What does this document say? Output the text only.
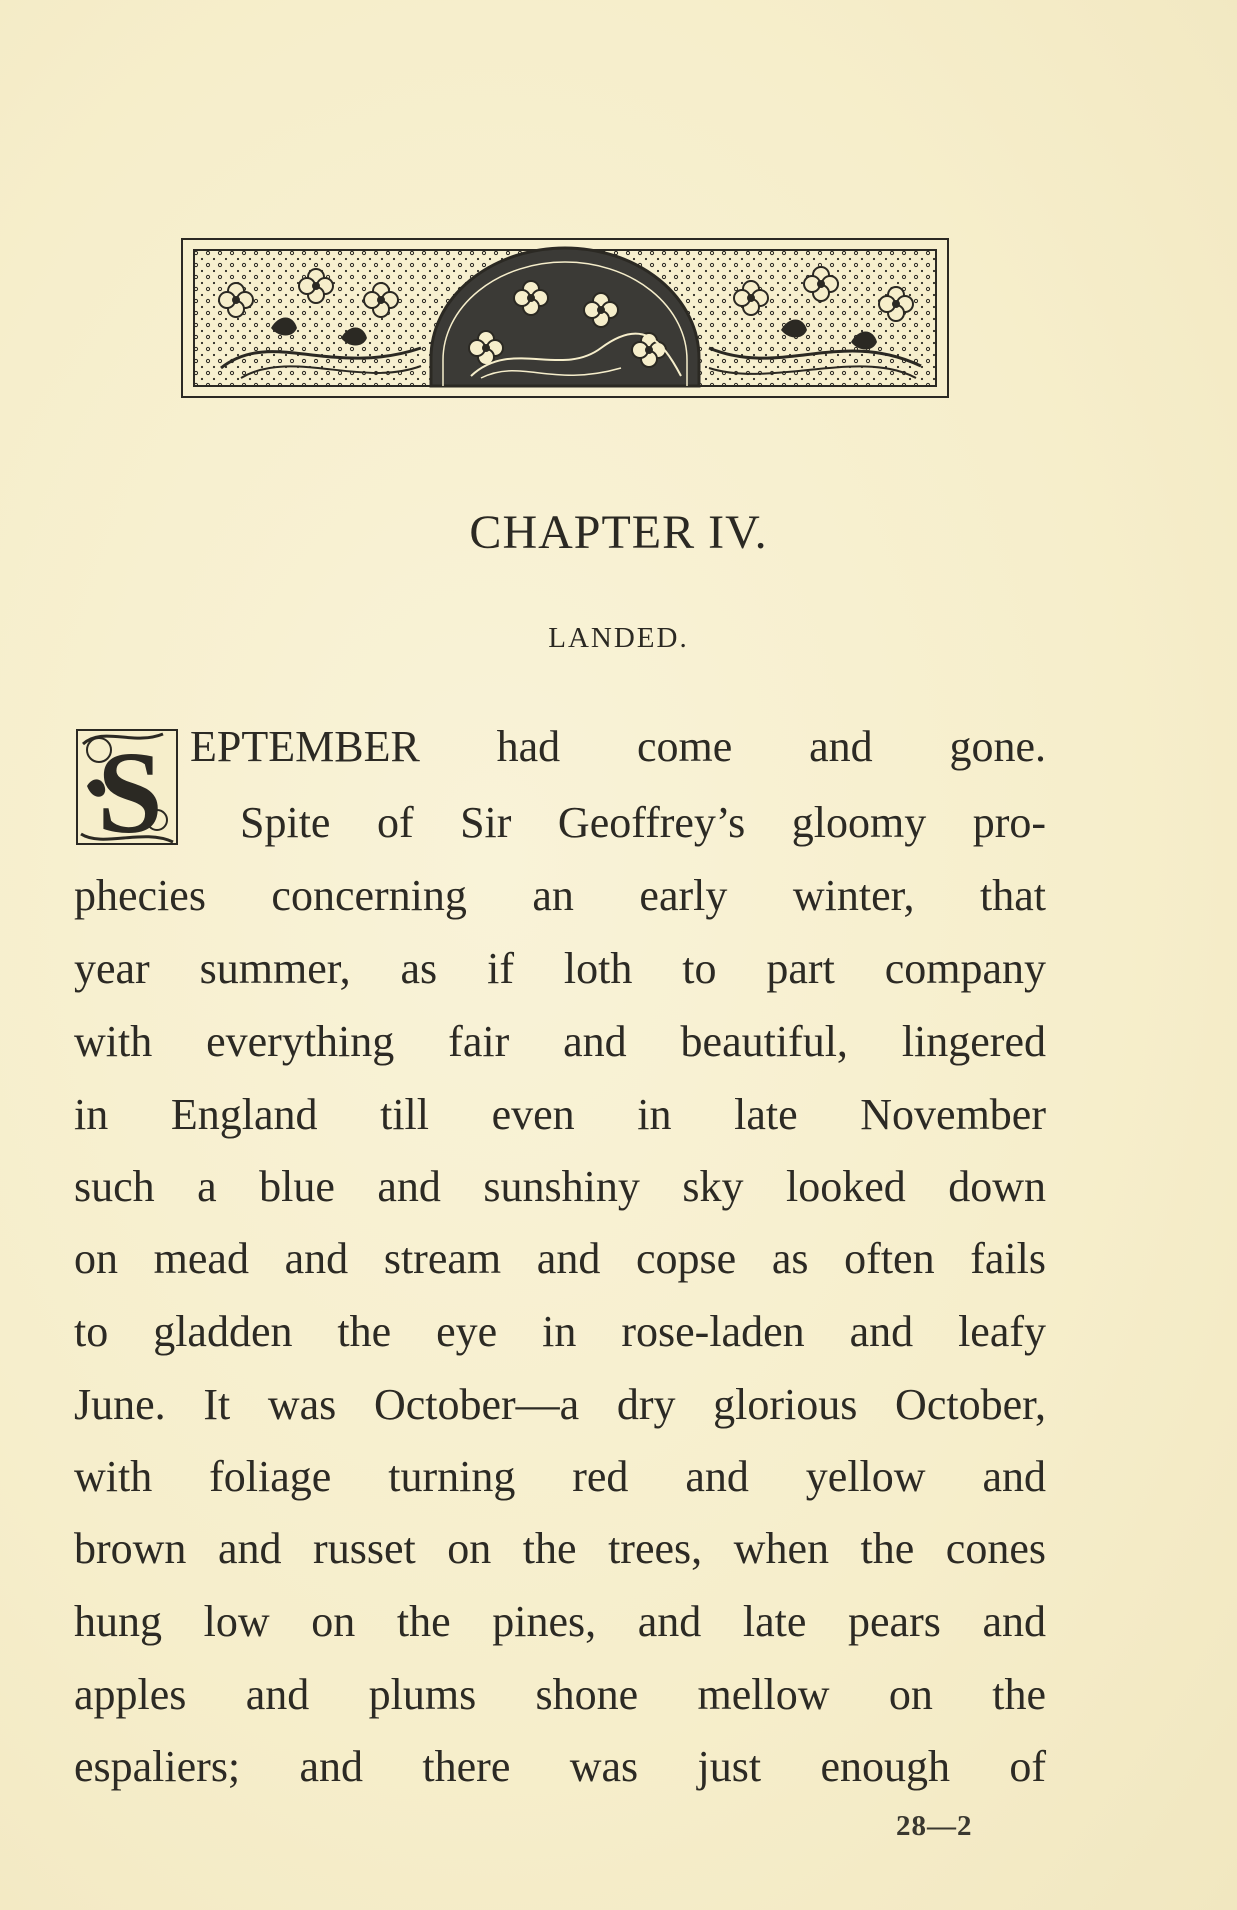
CHAPTER IV.
LANDED.
S EPTEMBER had come and gone.
Spite of Sir Geoffrey’s gloomy pro-
phecies concerning an early winter, that
year summer, as if loth to part company
with everything fair and beautiful, lingered
in England till even in late November
such a blue and sunshiny sky looked down
on mead and stream and copse as often fails
to gladden the eye in rose-laden and leafy
June. It was October—a dry glorious October,
with foliage turning red and yellow and
brown and russet on the trees, when the cones
hung low on the pines, and late pears and
apples and plums shone mellow on the
espaliers; and there was just enough of
28—2
